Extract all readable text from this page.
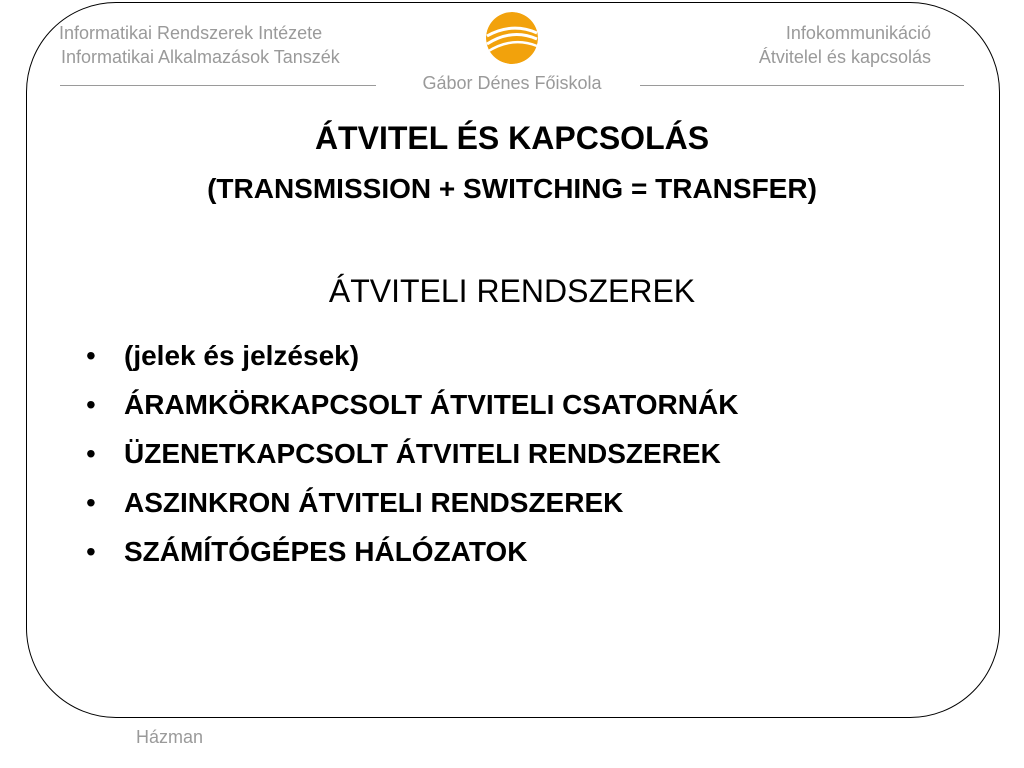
Informatikai Rendszerek Intézete
Informatikai Alkalmazások Tanszék
Infokommunikáció
Átvitelel és kapcsolás
Gábor Dénes Főiskola
ÁTVITEL ÉS KAPCSOLÁS
(TRANSMISSION + SWITCHING = TRANSFER)
ÁTVITELI RENDSZEREK
• (jelek és jelzések)
• ÁRAMKÖRKAPCSOLT ÁTVITELI CSATORNÁK
• ÜZENETKAPCSOLT ÁTVITELI RENDSZEREK
• ASZINKRON ÁTVITELI RENDSZEREK
• SZÁMÍTÓGÉPES HÁLÓZATOK
Házman
